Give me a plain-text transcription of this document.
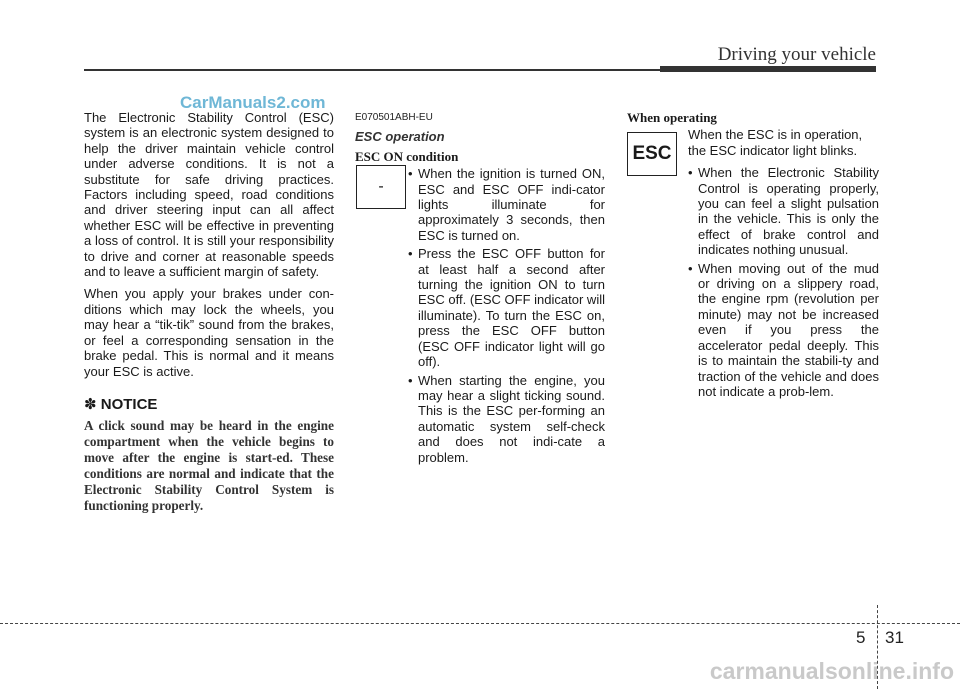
Driving your vehicle
CarManuals2.com

The Electronic Stability Control (ESC) system is an electronic system designed to help the driver maintain vehicle control under adverse conditions. It is not a substitute for safe driving practices. Factors including speed, road conditions and driver steering input can all affect whether ESC will be effective in preventing a loss of control. It is still your responsibility to drive and corner at reasonable speeds and to leave a sufficient margin of safety.

When you apply your brakes under con-ditions which may lock the wheels, you may hear a “tik-tik” sound from the brakes, or feel a corresponding sensation in the brake pedal. This is normal and it means your ESC is active.

✽ NOTICE
A click sound may be heard in the engine compartment when the vehicle begins to move after the engine is start-ed. These conditions are normal and indicate that the Electronic Stability Control System is functioning properly.
E070501ABH-EU
ESC operation
ESC ON condition
• When the ignition is turned ON, ESC and ESC OFF indi-cator lights illuminate for approximately 3 seconds, then ESC is turned on.
• Press the ESC OFF button for at least half a second after turning the ignition ON to turn ESC off. (ESC OFF indicator will illuminate). To turn the ESC on, press the ESC OFF button (ESC OFF indicator light will go off).
• When starting the engine, you may hear a slight ticking sound. This is the ESC per-forming an automatic system self-check and does not indi-cate a problem.
-
When operating

When the ESC is in operation, the ESC indicator light blinks.

• When the Electronic Stability Control is operating properly, you can feel a slight pulsation in the vehicle. This is only the effect of brake control and indicates nothing unusual.
• When moving out of the mud or driving on a slippery road, the engine rpm (revolution per minute) may not be increased even if you press the accelerator pedal deeply. This is to maintain the stabili-ty and traction of the vehicle and does not indicate a prob-lem.
ESC
5 31
carmanualsonline.info
